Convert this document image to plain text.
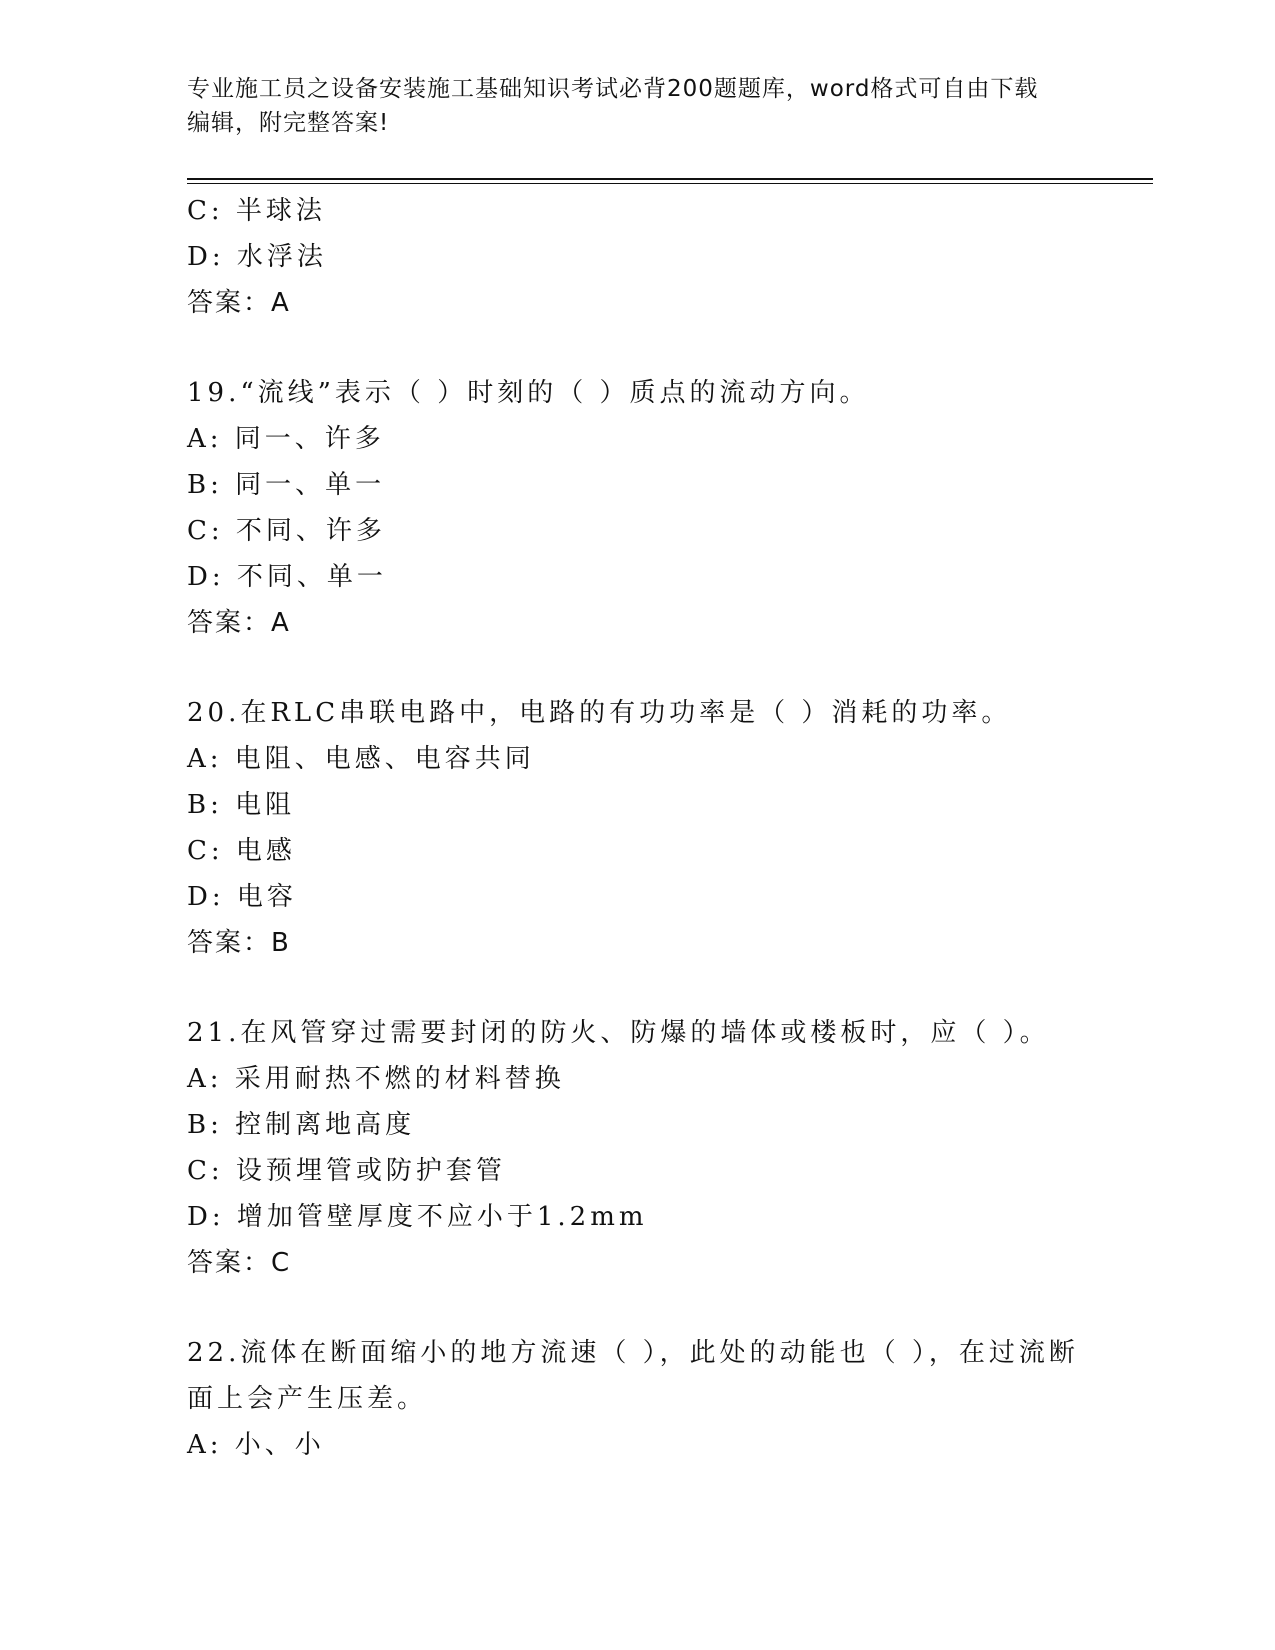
专业施工员之设备安装施工基础知识考试必背200题题库，word格式可自由下载
编辑，附完整答案!
C: 半球法
D: 水浮法
答案：A
19.“流线”表示（ ）时刻的（ ）质点的流动方向。
A: 同一、许多
B: 同一、单一
C: 不同、许多
D: 不同、单一
答案：A
20.在RLC串联电路中，电路的有功功率是（ ）消耗的功率。
A: 电阻、电感、电容共同
B: 电阻
C: 电感
D: 电容
答案：B
21.在风管穿过需要封闭的防火、防爆的墙体或楼板时，应（ ）。
A: 采用耐热不燃的材料替换
B: 控制离地高度
C: 设预埋管或防护套管
D: 增加管壁厚度不应小于1.2mm
答案：C
22.流体在断面缩小的地方流速（ ），此处的动能也（ ），在过流断
面上会产生压差。
A: 小、小
